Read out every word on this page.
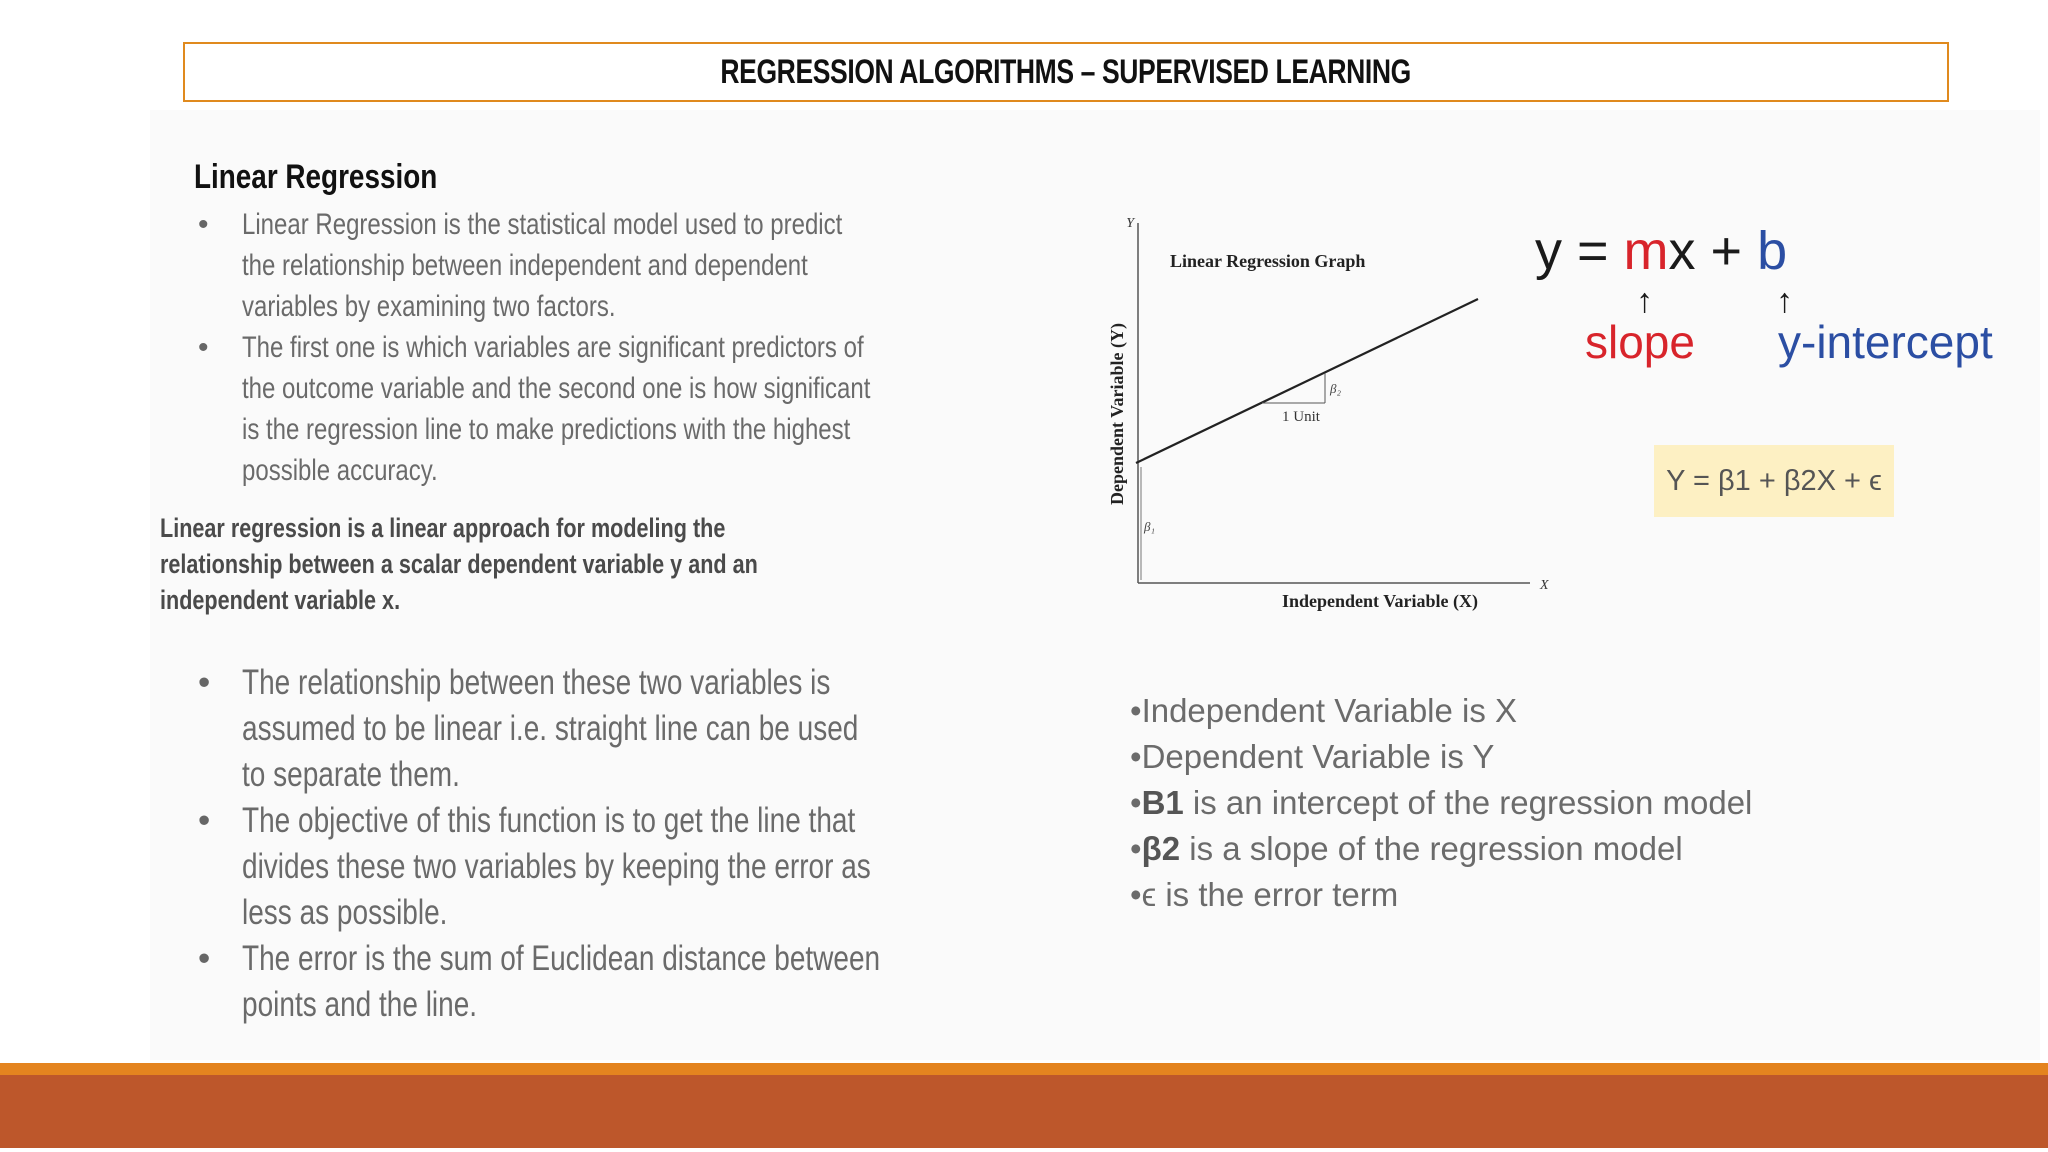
REGRESSION ALGORITHMS – SUPERVISED LEARNING
Linear Regression
• Linear Regression is the statistical model used to predict the relationship between independent and dependent variables by examining two factors.
• The first one is which variables are significant predictors of the outcome variable and the second one is how significant is the regression line to make predictions with the highest possible accuracy.
Linear regression is a linear approach for modeling the
relationship between a scalar dependent variable y and an
independent variable x.
• The relationship between these two variables is assumed to be linear i.e. straight line can be used to separate them.
• The objective of this function is to get the line that divides these two variables by keeping the error as less as possible.
• The error is the sum of Euclidean distance between points and the line.
Y
X
Linear Regression Graph
Independent Variable (X)
Dependent Variable (Y)	1 Unit
β₂
β₁
y = mx + b
↑	↑
slope y-intercept
Y = β1 + β2X + ϵ
•Independent Variable is X
•Dependent Variable is Y
•B1 is an intercept of the regression model
•β2 is a slope of the regression model
•ϵ is the error term
